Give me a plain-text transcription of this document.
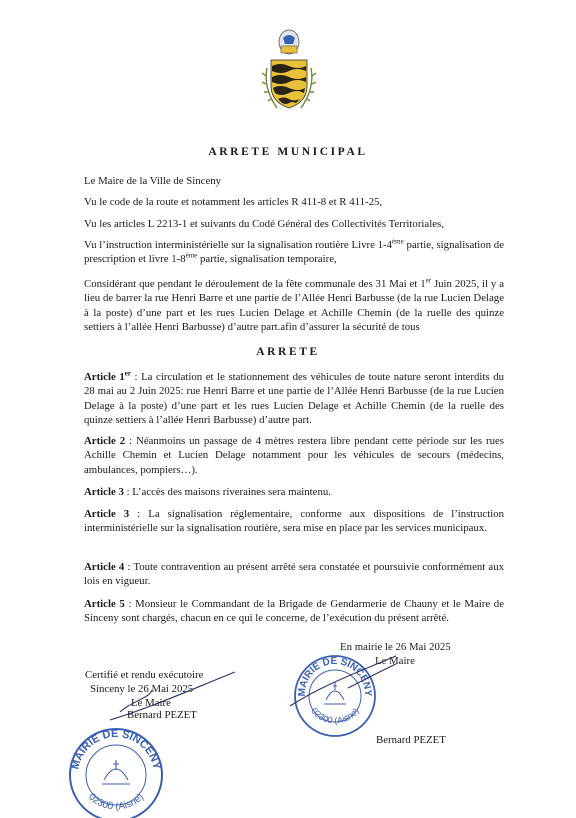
ARRETE MUNICIPAL
Le Maire de la Ville de Sinceny
Vu le code de la route et notamment les articles R 411-8 et R 411-25,
Vu les articles L 2213-1 et suivants du Codé Général des Collectivités Territoriales,
Vu l’instruction interministérielle sur la signalisation routière Livre 1-4ème partie, signalisation de prescription et livre 1-8ème partie, signalisation temporaire,
Considérant que pendant le déroulement de la fête communale des 31 Mai et 1er Juin 2025, il y a lieu de barrer la rue Henri Barre et une partie de l’Allée Henri Barbusse (de la rue Lucien Delage à la poste) d’une part et les rues Lucien Delage et Achille Chemin (de la ruelle des quinze settiers à l’allée Henri Barbusse) d’autre part.afin d’assurer la sécurité de tous
ARRETE
Article 1er : La circulation et le stationnement des véhicules de toute nature seront interdits du 28 mai au 2 Juin 2025: rue Henri Barre et une partie de l’Allée Henri Barbusse (de la rue Lucien Delage à la poste) d’une part et les rues Lucien Delage et Achille Chemin (de la ruelle des quinze settiers à l’allée Henri Barbusse) d’autre part.
Article 2 : Néanmoins un passage de 4 mètres restera libre pendant cette période sur les rues Achille Chemin et Lucien Delage notamment pour les véhicules de secours (médecins, ambulances, pompiers…).
Article 3 : L’accès des maisons riveraines sera maintenu.
Article 3 : La signalisation réglementaire, conforme aux dispositions de l’instruction interministérielle sur la signalisation routière, sera mise en place par les services municipaux.
Article 4 : Toute contravention au présent arrêté sera constatée et poursuivie conformément aux lois en vigueur.
Article 5 : Monsieur le Commandant de la Brigade de Gendarmerie de Chauny et le Maire de Sinceny sont chargés, chacun en ce qui le concerne, de l’exécution du présent arrêté.
En mairie le 26 Mai 2025
Le Maire
MAIRIE DE SINCENY
02300 (Aisne)
Bernard PEZET
Certifié et rendu exécutoire
Sinceny le 26 Mai 2025
Le Maire
MAIRIE DE SINCENY
02300 (Aisne)
Bernard PEZET
